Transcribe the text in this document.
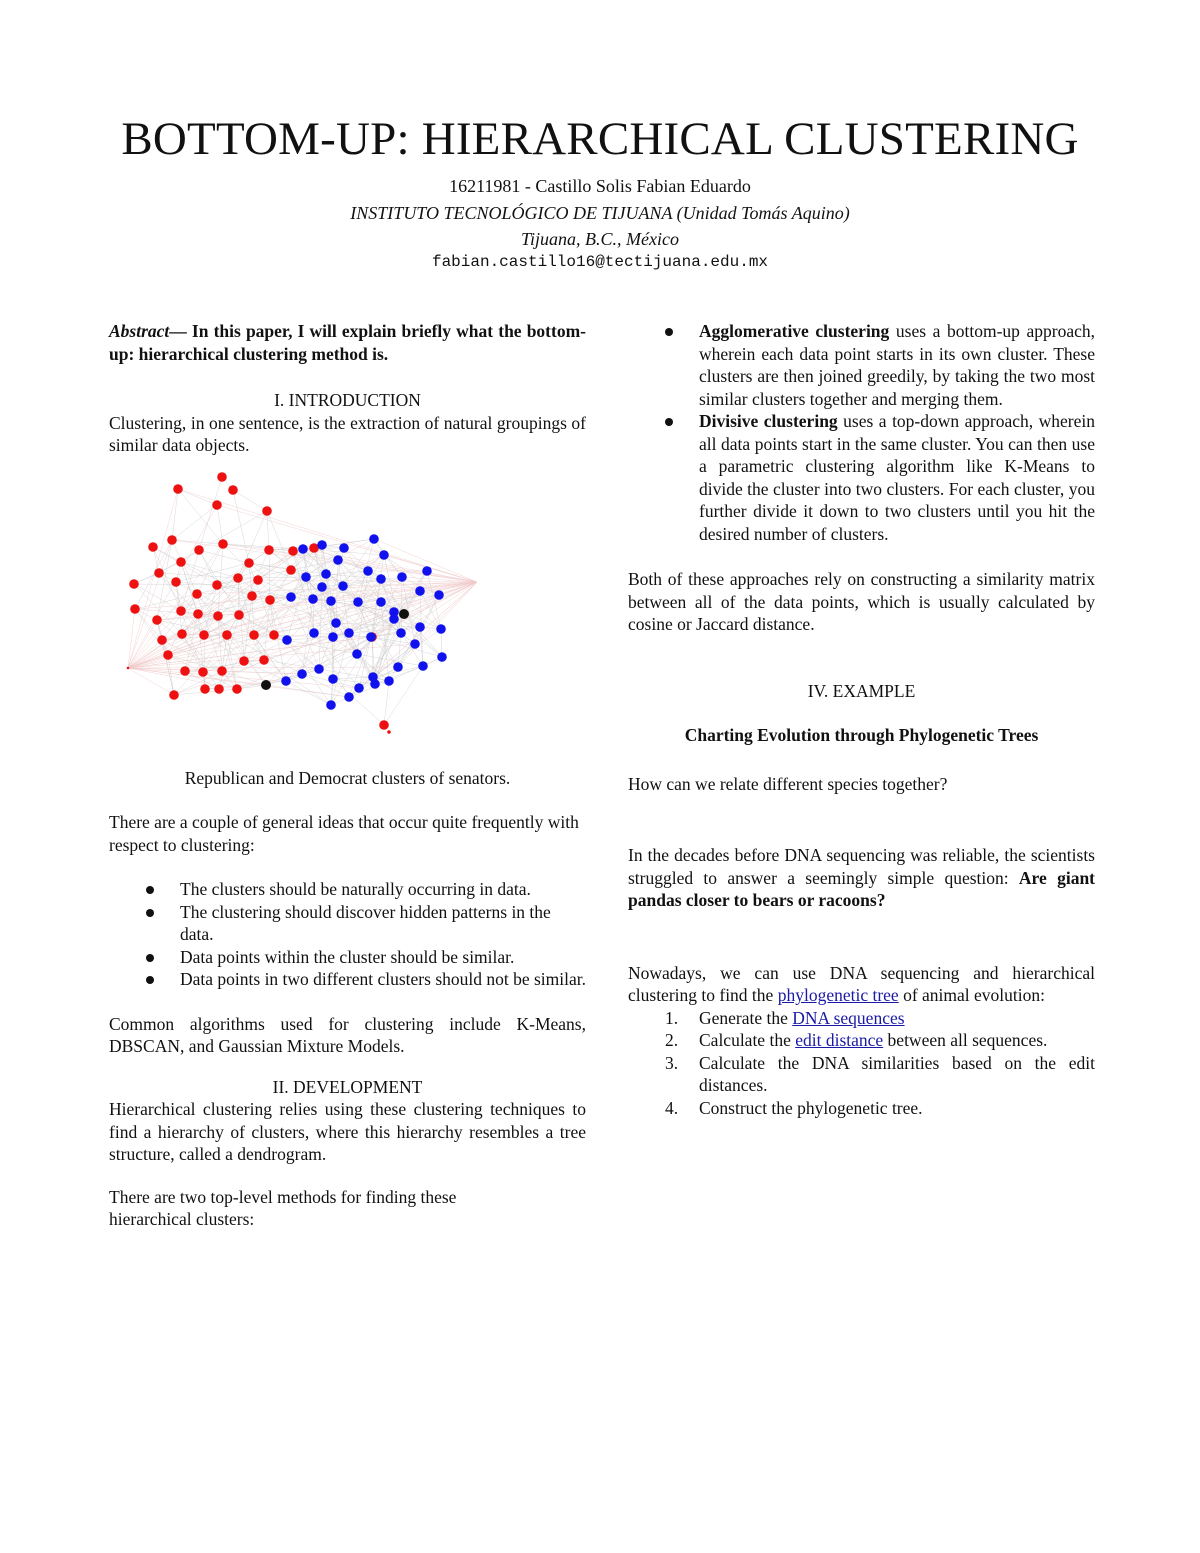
BOTTOM-UP: HIERARCHICAL CLUSTERING
16211981 - Castillo Solis Fabian Eduardo
INSTITUTO TECNOLÓGICO DE TIJUANA (Unidad Tomás Aquino)
Tijuana, B.C., México
fabian.castillo16@tectijuana.edu.mx

Abstract— In this paper, I will explain briefly what the bottom-up: hierarchical clustering method is.

I. INTRODUCTION

Clustering, in one sentence, is the extraction of natural groupings of similar data objects.

Republican and Democrat clusters of senators.

There are a couple of general ideas that occur quite frequently with respect to clustering:

The clusters should be naturally occurring in data.
The clustering should discover hidden patterns in the data.
Data points within the cluster should be similar.
Data points in two different clusters should not be similar.

Common algorithms used for clustering include K-Means, DBSCAN, and Gaussian Mixture Models.

II. DEVELOPMENT

Hierarchical clustering relies using these clustering techniques to find a hierarchy of clusters, where this hierarchy resembles a tree structure, called a dendrogram.

There are two top-level methods for finding these hierarchical clusters:

Agglomerative clustering uses a bottom-up approach, wherein each data point starts in its own cluster. These clusters are then joined greedily, by taking the two most similar clusters together and merging them.
Divisive clustering uses a top-down approach, wherein all data points start in the same cluster. You can then use a parametric clustering algorithm like K-Means to divide the cluster into two clusters. For each cluster, you further divide it down to two clusters until you hit the desired number of clusters.

Both of these approaches rely on constructing a similarity matrix between all of the data points, which is usually calculated by cosine or Jaccard distance.

IV. EXAMPLE

Charting Evolution through Phylogenetic Trees

How can we relate different species together?

In the decades before DNA sequencing was reliable, the scientists struggled to answer a seemingly simple question: Are giant pandas closer to bears or racoons?

Nowadays, we can use DNA sequencing and hierarchical clustering to find the phylogenetic tree of animal evolution:

1. Generate the DNA sequences
2. Calculate the edit distance between all sequences.
3. Calculate the DNA similarities based on the edit distances.
4. Construct the phylogenetic tree.
